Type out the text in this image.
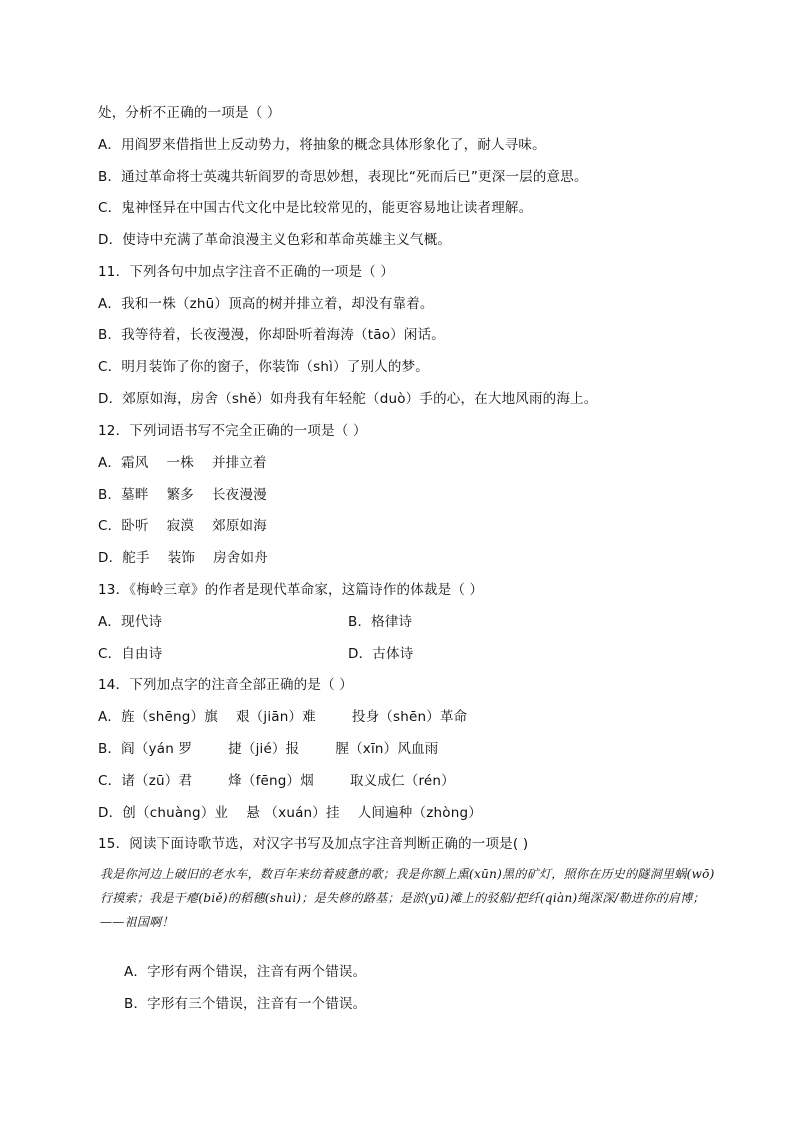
处，分析不正确的一项是（ ）
A．用阎罗来借指世上反动势力，将抽象的概念具体形象化了，耐人寻味。
B．通过革命将士英魂共斩阎罗的奇思妙想，表现比“死而后已”更深一层的意思。
C．鬼神怪异在中国古代文化中是比较常见的，能更容易地让读者理解。
D．使诗中充满了革命浪漫主义色彩和革命英雄主义气概。
11．下列各句中加点字注音不正确的一项是（ ）
A．我和一株（zhū）顶高的树并排立着，却没有靠着。
B．我等待着，长夜漫漫，你却卧听着海涛（tāo）闲话。
C．明月装饰了你的窗子，你装饰（shì）了别人的梦。
D．郊原如海，房舍（shě）如舟我有年轻舵（duò）手的心，在大地风雨的海上。
12．下列词语书写不完全正确的一项是（ ）
A．霜风 一株 并排立着
B．墓畔 繁多 长夜漫漫
C．卧听 寂漠 郊原如海
D．舵手 装饰 房舍如舟
13．《梅岭三章》的作者是现代革命家，这篇诗作的体裁是（ ）
A．现代诗	B．格律诗
C．自由诗	D．古体诗
14．下列加点字的注音全部正确的是（ ）
A．旌（shēng）旗 艰（jiān）难	投身（shēn）革命
B．阎（yán 罗	捷（jié）报	腥（xīn）风血雨
C．诸（zū）君	烽（fēng）烟	取义成仁（rén）
D．创（chuàng）业 悬 （xuán）挂 人间遍种（zhòng）
15．阅读下面诗歌节选，对汉字书写及加点字注音判断正确的一项是( )
我是你河边上破旧的老水车，数百年来纺着疲惫的歌；我是你额上熏(xūn)黑的矿灯，照你在历史的隧洞里蜗(wō)行摸索；我是干瘪(biě)的稻穗(shuì)；是失修的路基；是淤(yū)滩上的驳船/把纤(qiàn)绳深深/勒进你的肩博；——祖国啊！
A．字形有两个错误，注音有两个错误。
B．字形有三个错误，注音有一个错误。
